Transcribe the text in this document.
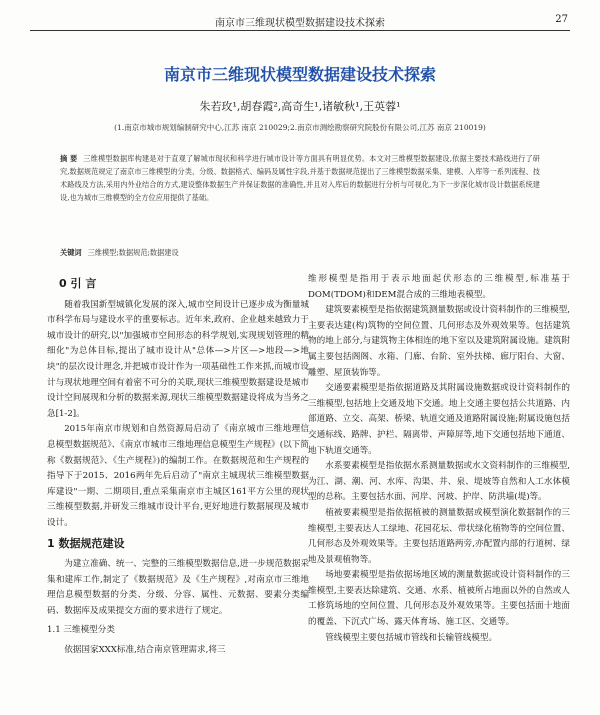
南京市三维现状模型数据建设技术探索	27
南京市三维现状模型数据建设技术探索
朱若玫¹,胡春霞²,高奇生¹,诸敏秋¹,王英蓉¹
(1.南京市城市规划编制研究中心,江苏 南京 210029;2.南京市测绘勘察研究院股份有限公司,江苏 南京 210019)
摘 要 三维模型数据库构建是对于直观了解城市现状和科学进行城市设计等方面具有明显优势。本文对三维模型数据建设,依据主要技术路线进行了研究,数据规范规定了南京市三维模型的分类、分级、数据格式、编码及属性字段,并基于数据规范提出了三维模型数据采集、建模、入库等一系列流程、技术路线及方法,采用内外业结合的方式,建设整体数据生产并保证数据的准确性,并且对入库后的数据进行分析与可视化,为下一步深化城市设计数据系统建设,也为城市三维模型的全方位应用提供了基础。
关键词 三维模型;数据规范;数据建设
0 引 言

随着我国新型城镇化发展的深入,城市空间设计已逐步成为衡量城市科学布局与建设水平的重要标志。近年来,政府、企业越来越致力于城市设计的研究,以"加强城市空间形态的科学规划,实现规划管理的精细化"为总体目标,提出了城市设计从"总体—>片区—>地段—>地块"的层次设计理念,并把城市设计作为一项基础性工作来抓,而城市设计与现状地理空间有着密不可分的关联,现状三维模型数据建设是城市设计空间展现和分析的数据来源,现状三维模型数据建设将成为当务之急[1-2]。

2015年南京市规划和自然资源局启动了《南京城市三维地理信息模型数据规范》、《南京市城市三维地理信息模型生产规程》(以下简称《数据规范》、《生产规程》)的编制工作。在数据规范和生产规程的指导下于2015、2016两年先后启动了"南京主城现状三维模型数据库建设"一期、二期项目,重点采集南京市主城区161平方公里的现状三维模型数据,并研发三维城市设计平台,更好地进行数据展现及城市设计。

1 数据规范建设

为建立准确、统一、完整的三维模型数据信息,进一步规范数据采集和建库工作,制定了《数据规范》及《生产规程》,对南京市三维地理信息模型数据的分类、分级、分容、属性、元数据、要素分类编码、数据库及成果提交方面的要求进行了规定。

1.1 三维模型分类

依据国家XXX标准,结合南京管理需求,将三

维形模型是指用于表示地面起伏形态的三维模型,标准基于DOM(TDOM)和DEM混合成的三维地表模型。

建筑要素模型是指依据建筑测量数据或设计资料制作的三维模型,主要表达建(构)筑物的空间位置、几何形态及外观效果等。包括建筑物的地上部分,与建筑物主体相连的地下室以及建筑附属设施。建筑附属主要包括阁阁、水箱、门廊、台阶、室外扶梯、廊厅阳台、大窗、雕塑、屋顶装饰等。

交通要素模型是指依据道路及其附属设施数据或设计资料制作的三维模型,包括地上交通及地下交通。地上交通主要包括公共道路、内部道路、立交、高架、桥梁、轨道交通及道路附属设施;附属设施包括交通标线、路牌、护栏、隔离带、声障屏等,地下交通包括地下通道、地下轨道交通等。

水系要素模型是指依据水系测量数据或水文资料制作的三维模型,为江、湖、潮、河、水库、沟渠、井、泉、堤坡等自然和人工水体模型的总称。主要包括水面、河岸、河坡、护岸、防洪墙(堤)等。

植被要素模型是指依据植被的测量数据或模型演化数据制作的三维模型,主要表达人工绿地、花园花坛、带状绿化植物等的空间位置、几何形态及外观效果等。主要包括道路两旁,亦配置内部的行道树、绿地及景观植物等。

场地要素模型是指依据场地区域的测量数据或设计资料制作的三维模型,主要表达除建筑、交通、水系、植被所占地面以外的自然或人工修筑场地的空间位置、几何形态及外观效果等。主要包括面十地面的覆盖、下沉式广场、露天体育场、施工区、交通等。

管线模型主要包括城市管线和长输管线模型。
